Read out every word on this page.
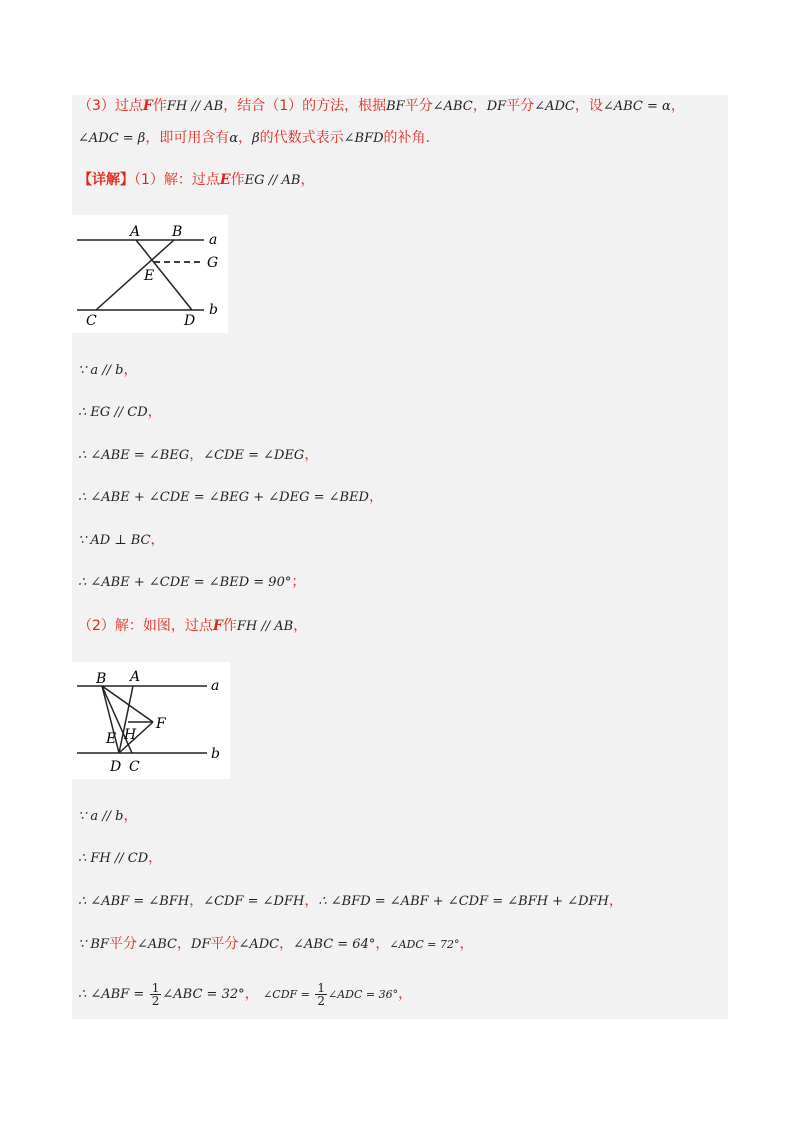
（3）过点F作FH // AB，结合（1）的方法，根据BF平分∠ABC，DF平分∠ADC，设∠ABC = α，
∠ADC = β，即可用含有α，β的代数式表示∠BFD的补角.
【详解】（1）解：过点E作EG // AB，
A B a
E
G
C	D
b
∵ a // b，
∴ EG // CD，
∴ ∠ABE = ∠BEG，∠CDE = ∠DEG，
∴ ∠ABE + ∠CDE = ∠BEG + ∠DEG = ∠BED，
∵ AD ⊥ BC，
∴ ∠ABE + ∠CDE = ∠BED = 90°；
（2）解：如图，过点F作FH // AB，
B A
a
F
E H
D C
b
∵ a // b，
∴ FH // CD，
∴ ∠ABF = ∠BFH，∠CDF = ∠DFH，∴ ∠BFD = ∠ABF + ∠CDF = ∠BFH + ∠DFH，
∵ BF平分∠ABC，DF平分∠ADC，∠ABC = 64°，∠ADC = 72°，
∴ ∠ABF = $\frac{1}{2}$ ∠ABC = 32°， ∠CDF = $\frac{1}{2}$ ∠ADC = 36°，
